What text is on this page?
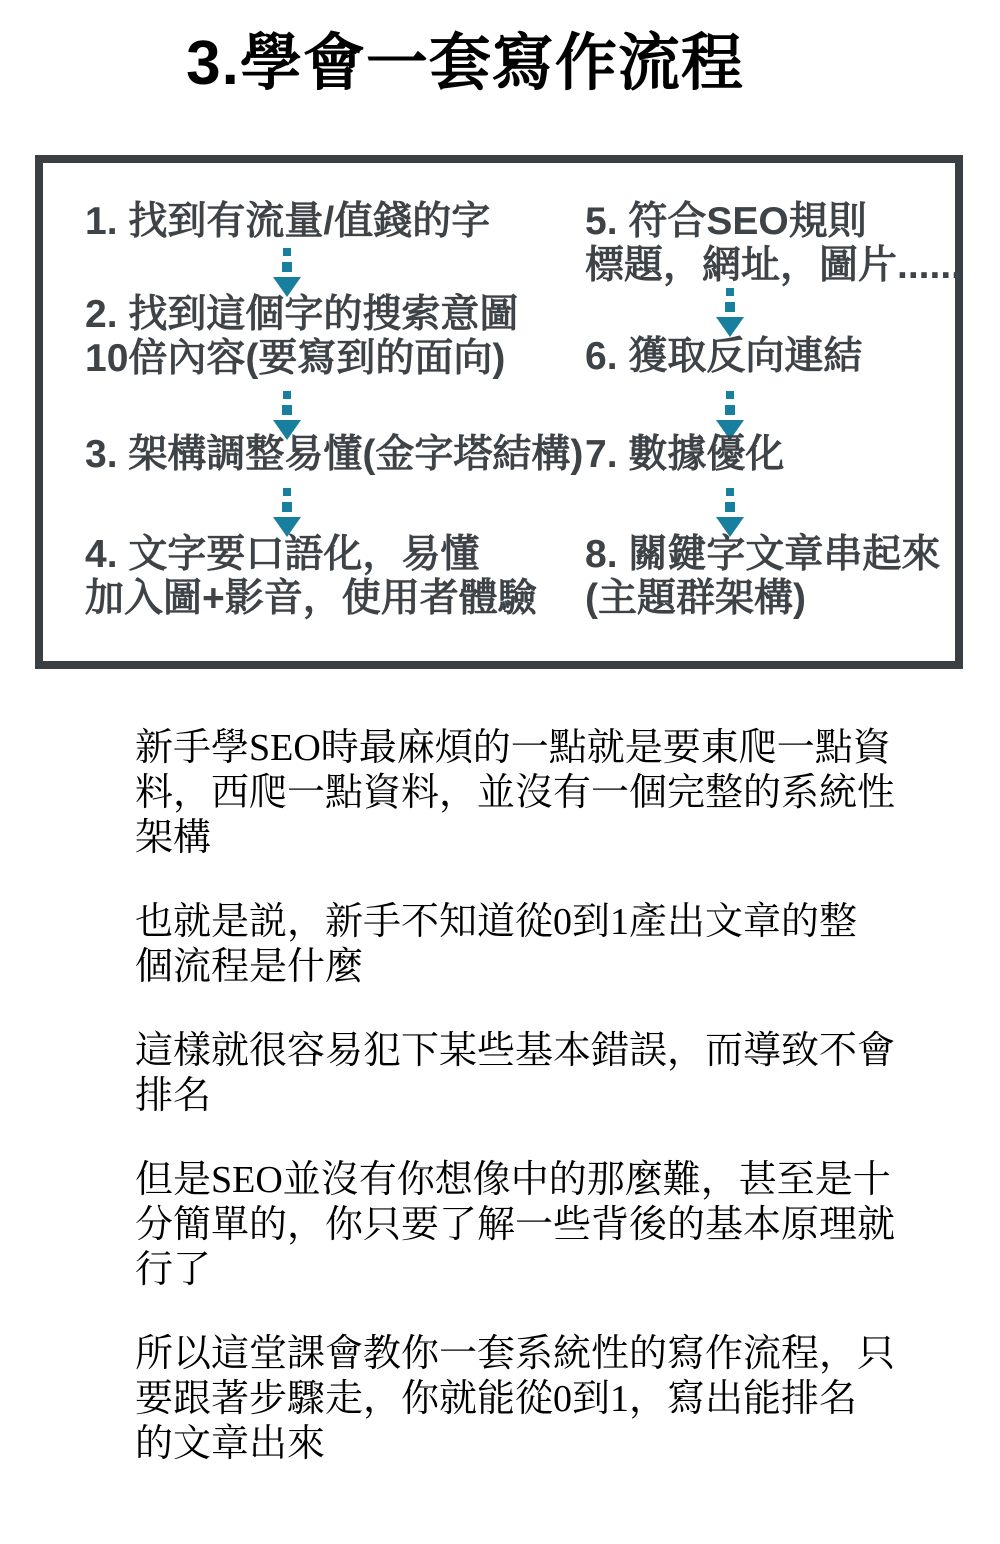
3.學會一套寫作流程
1. 找到有流量/值錢的字
2. 找到這個字的搜索意圖
10倍內容(要寫到的面向)
3. 架構調整易懂(金字塔結構)
4. 文字要口語化，易懂
加入圖+影音，使用者體驗
5. 符合SEO規則
標題，網址，圖片......
6. 獲取反向連結
7. 數據優化
8. 關鍵字文章串起來
(主題群架構)
新手學SEO時最麻煩的一點就是要東爬一點資
料，西爬一點資料，並沒有一個完整的系統性
架構
也就是説，新手不知道從0到1產出文章的整
個流程是什麼
這樣就很容易犯下某些基本錯誤，而導致不會
排名
但是SEO並沒有你想像中的那麼難，甚至是十
分簡單的，你只要了解一些背後的基本原理就
行了
所以這堂課會教你一套系統性的寫作流程，只
要跟著步驟走，你就能從0到1，寫出能排名
的文章出來
